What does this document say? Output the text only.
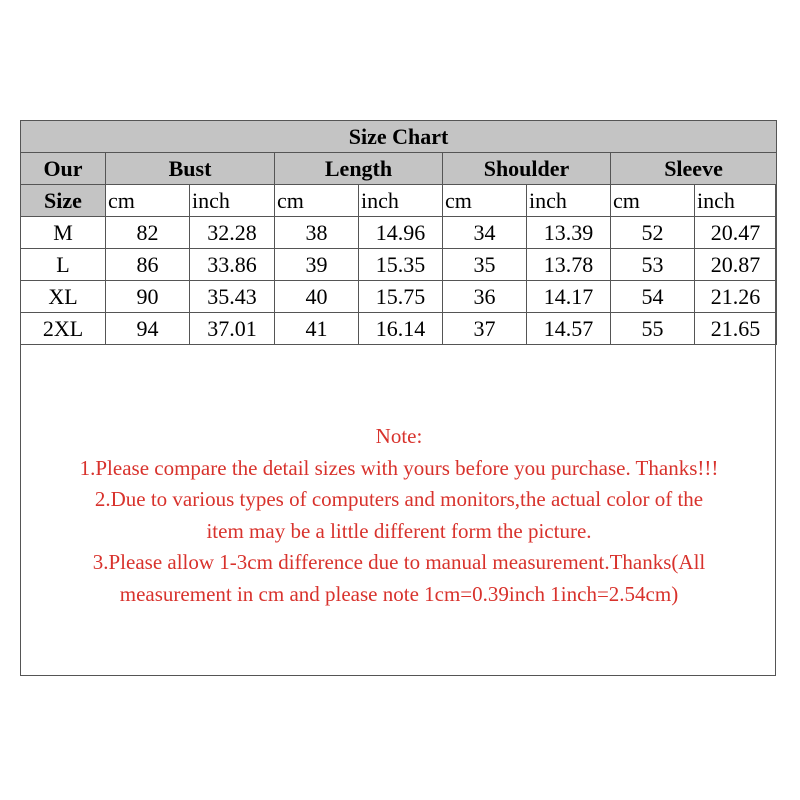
Size Chart								
Our	Bust		Length		Shoulder		Sleeve	
Size	cm	inch	cm	inch	cm	inch	cm	inch
M	82	32.28	38	14.96	34	13.39	52	20.47
L	86	33.86	39	15.35	35	13.78	53	20.87
XL	90	35.43	40	15.75	36	14.17	54	21.26
2XL	94	37.01	41	16.14	37	14.57	55	21.65
Note:
1.Please compare the detail sizes with yours before you purchase. Thanks!!!
2.Due to various types of computers and monitors,the actual color of the
item may be a little different form the picture.
3.Please allow 1-3cm difference due to manual measurement.Thanks(All
measurement in cm and please note 1cm=0.39inch 1inch=2.54cm)
